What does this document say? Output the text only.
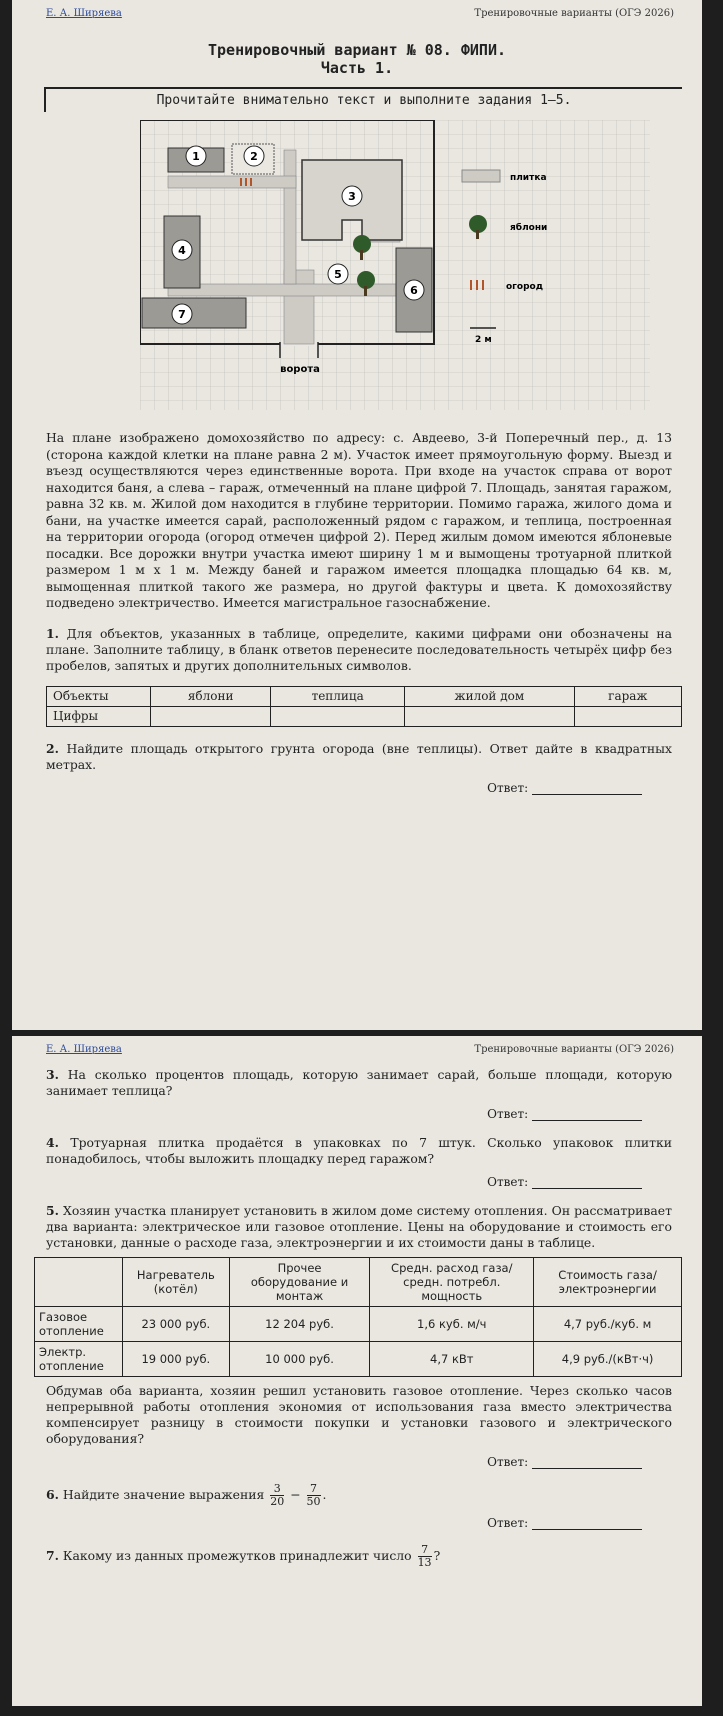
Е. А. Ширяева	Тренировочные варианты (ОГЭ 2026)
Тренировочный вариант № 08. ФИПИ.
Часть 1.
Прочитайте внимательно текст и выполните задания 1–5.
1	2
3
4
5
6
7
ворота
плитка
яблони
огород
2 м
На плане изображено домохозяйство по адресу: с. Авдеево, 3-й Поперечный пер., д. 13 (сторона каждой клетки на плане равна 2 м). Участок имеет прямоугольную форму. Выезд и въезд осуществляются через единственные ворота. При входе на участок справа от ворот находится баня, а слева – гараж, отмеченный на плане цифрой 7. Площадь, занятая гаражом, равна 32 кв. м. Жилой дом находится в глубине территории. Помимо гаража, жилого дома и бани, на участке имеется сарай, расположенный рядом с гаражом, и теплица, построенная на территории огорода (огород отмечен цифрой 2). Перед жилым домом имеются яблоневые посадки. Все дорожки внутри участка имеют ширину 1 м и вымощены тротуарной плиткой размером 1 м х 1 м. Между баней и гаражом имеется площадка площадью 64 кв. м, вымощенная плиткой такого же размера, но другой фактуры и цвета. К домохозяйству подведено электричество. Имеется магистральное газоснабжение.
1. Для объектов, указанных в таблице, определите, какими цифрами они обозначены на плане. Заполните таблицу, в бланк ответов перенесите последовательность четырёх цифр без пробелов, запятых и других дополнительных символов.
Объекты	яблони	теплица	жилой дом	гараж
Цифры				
2. Найдите площадь открытого грунта огорода (вне теплицы). Ответ дайте в квадратных метрах.
Ответ:
Е. А. Ширяева	Тренировочные варианты (ОГЭ 2026)
3. На сколько процентов площадь, которую занимает сарай, больше площади, которую занимает теплица?
Ответ:
4. Тротуарная плитка продаётся в упаковках по 7 штук. Сколько упаковок плитки понадобилось, чтобы выложить площадку перед гаражом?
Ответ:
5. Хозяин участка планирует установить в жилом доме систему отопления. Он рассматривает два варианта: электрическое или газовое отопление. Цены на оборудование и стоимость его установки, данные о расходе газа, электроэнергии и их стоимости даны в таблице.
	Нагреватель (котёл)	Прочее оборудование и монтаж	Средн. расход газа/ средн. потребл. мощность	Стоимость газа/электроэнергии
Газовое отопление	23 000 руб.	12 204 руб.	1,6 куб. м/ч	4,7 руб./куб. м
Электр. отопление	19 000 руб.	10 000 руб.	4,7 кВт	4,9 руб./(кВт·ч)
Обдумав оба варианта, хозяин решил установить газовое отопление. Через сколько часов непрерывной работы отопления экономия от использования газа вместо электричества компенсирует разницу в стоимости покупки и установки газового и электрического оборудования?
Ответ:
6. Найдите значение выражения $\frac{3}{20} - \frac{7}{50}$ .
Ответ:
7. Какому из данных промежутков принадлежит число $\frac{7}{13}$ ?
